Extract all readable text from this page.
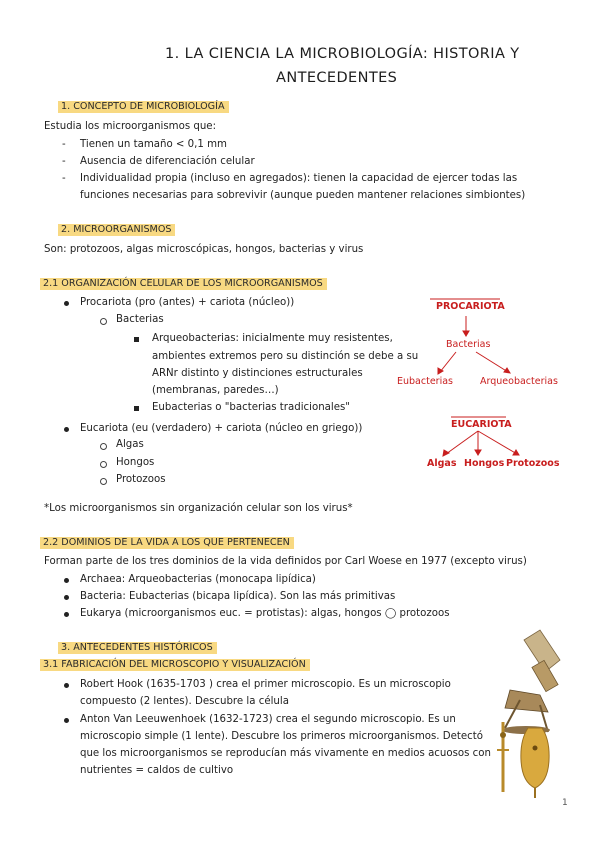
1. LA CIENCIA LA MICROBIOLOGÍA: HISTORIA Y
ANTECEDENTES
1. CONCEPTO DE MICROBIOLOGÍA
Estudia los microorganismos que:
- Tienen un tamaño < 0,1 mm
- Ausencia de diferenciación celular
- Individualidad propia (incluso en agregados): tienen la capacidad de ejercer todas las
funciones necesarias para sobrevivir (aunque pueden mantener relaciones simbiontes)
2. MICROORGANISMOS
Son: protozoos, algas microscópicas, hongos, bacterias y virus
2.1 ORGANIZACIÓN CELULAR DE LOS MICROORGANISMOS
Procariota (pro (antes) + cariota (núcleo))
Bacterias
Arqueobacterias: inicialmente muy resistentes,
ambientes extremos pero su distinción se debe a su
ARNr distinto y distinciones estructurales
(membranas, paredes…)
Eubacterias o "bacterias tradicionales"
Eucariota (eu (verdadero) + cariota (núcleo en griego))
Algas
Hongos
Protozoos
*Los microorganismos sin organización celular son los virus*
PROCARIOTA
Bacterias
Eubacterias	Arqueobacterias
EUCARIOTA
Algas Hongos Protozoos
2.2 DOMINIOS DE LA VIDA A LOS QUE PERTENECEN
Forman parte de los tres dominios de la vida definidos por Carl Woese en 1977 (excepto virus)
Archaea: Arqueobacterias (monocapa lipídica)
Bacteria: Eubacterias (bicapa lipídica). Son las más primitivas
Eukarya (microorganismos euc. = protistas): algas, hongos ◯ protozoos
3. ANTECEDENTES HISTÓRICOS
3.1 FABRICACIÓN DEL MICROSCOPIO Y VISUALIZACIÓN
Robert Hook (1635-1703 ) crea el primer microscopio. Es un microscopio
compuesto (2 lentes). Descubre la célula
Anton Van Leeuwenhoek (1632-1723) crea el segundo microscopio. Es un
microscopio simple (1 lente). Descubre los primeros microorganismos. Detectó
que los microorganismos se reproducían más vivamente en medios acuosos con
nutrientes = caldos de cultivo
1
